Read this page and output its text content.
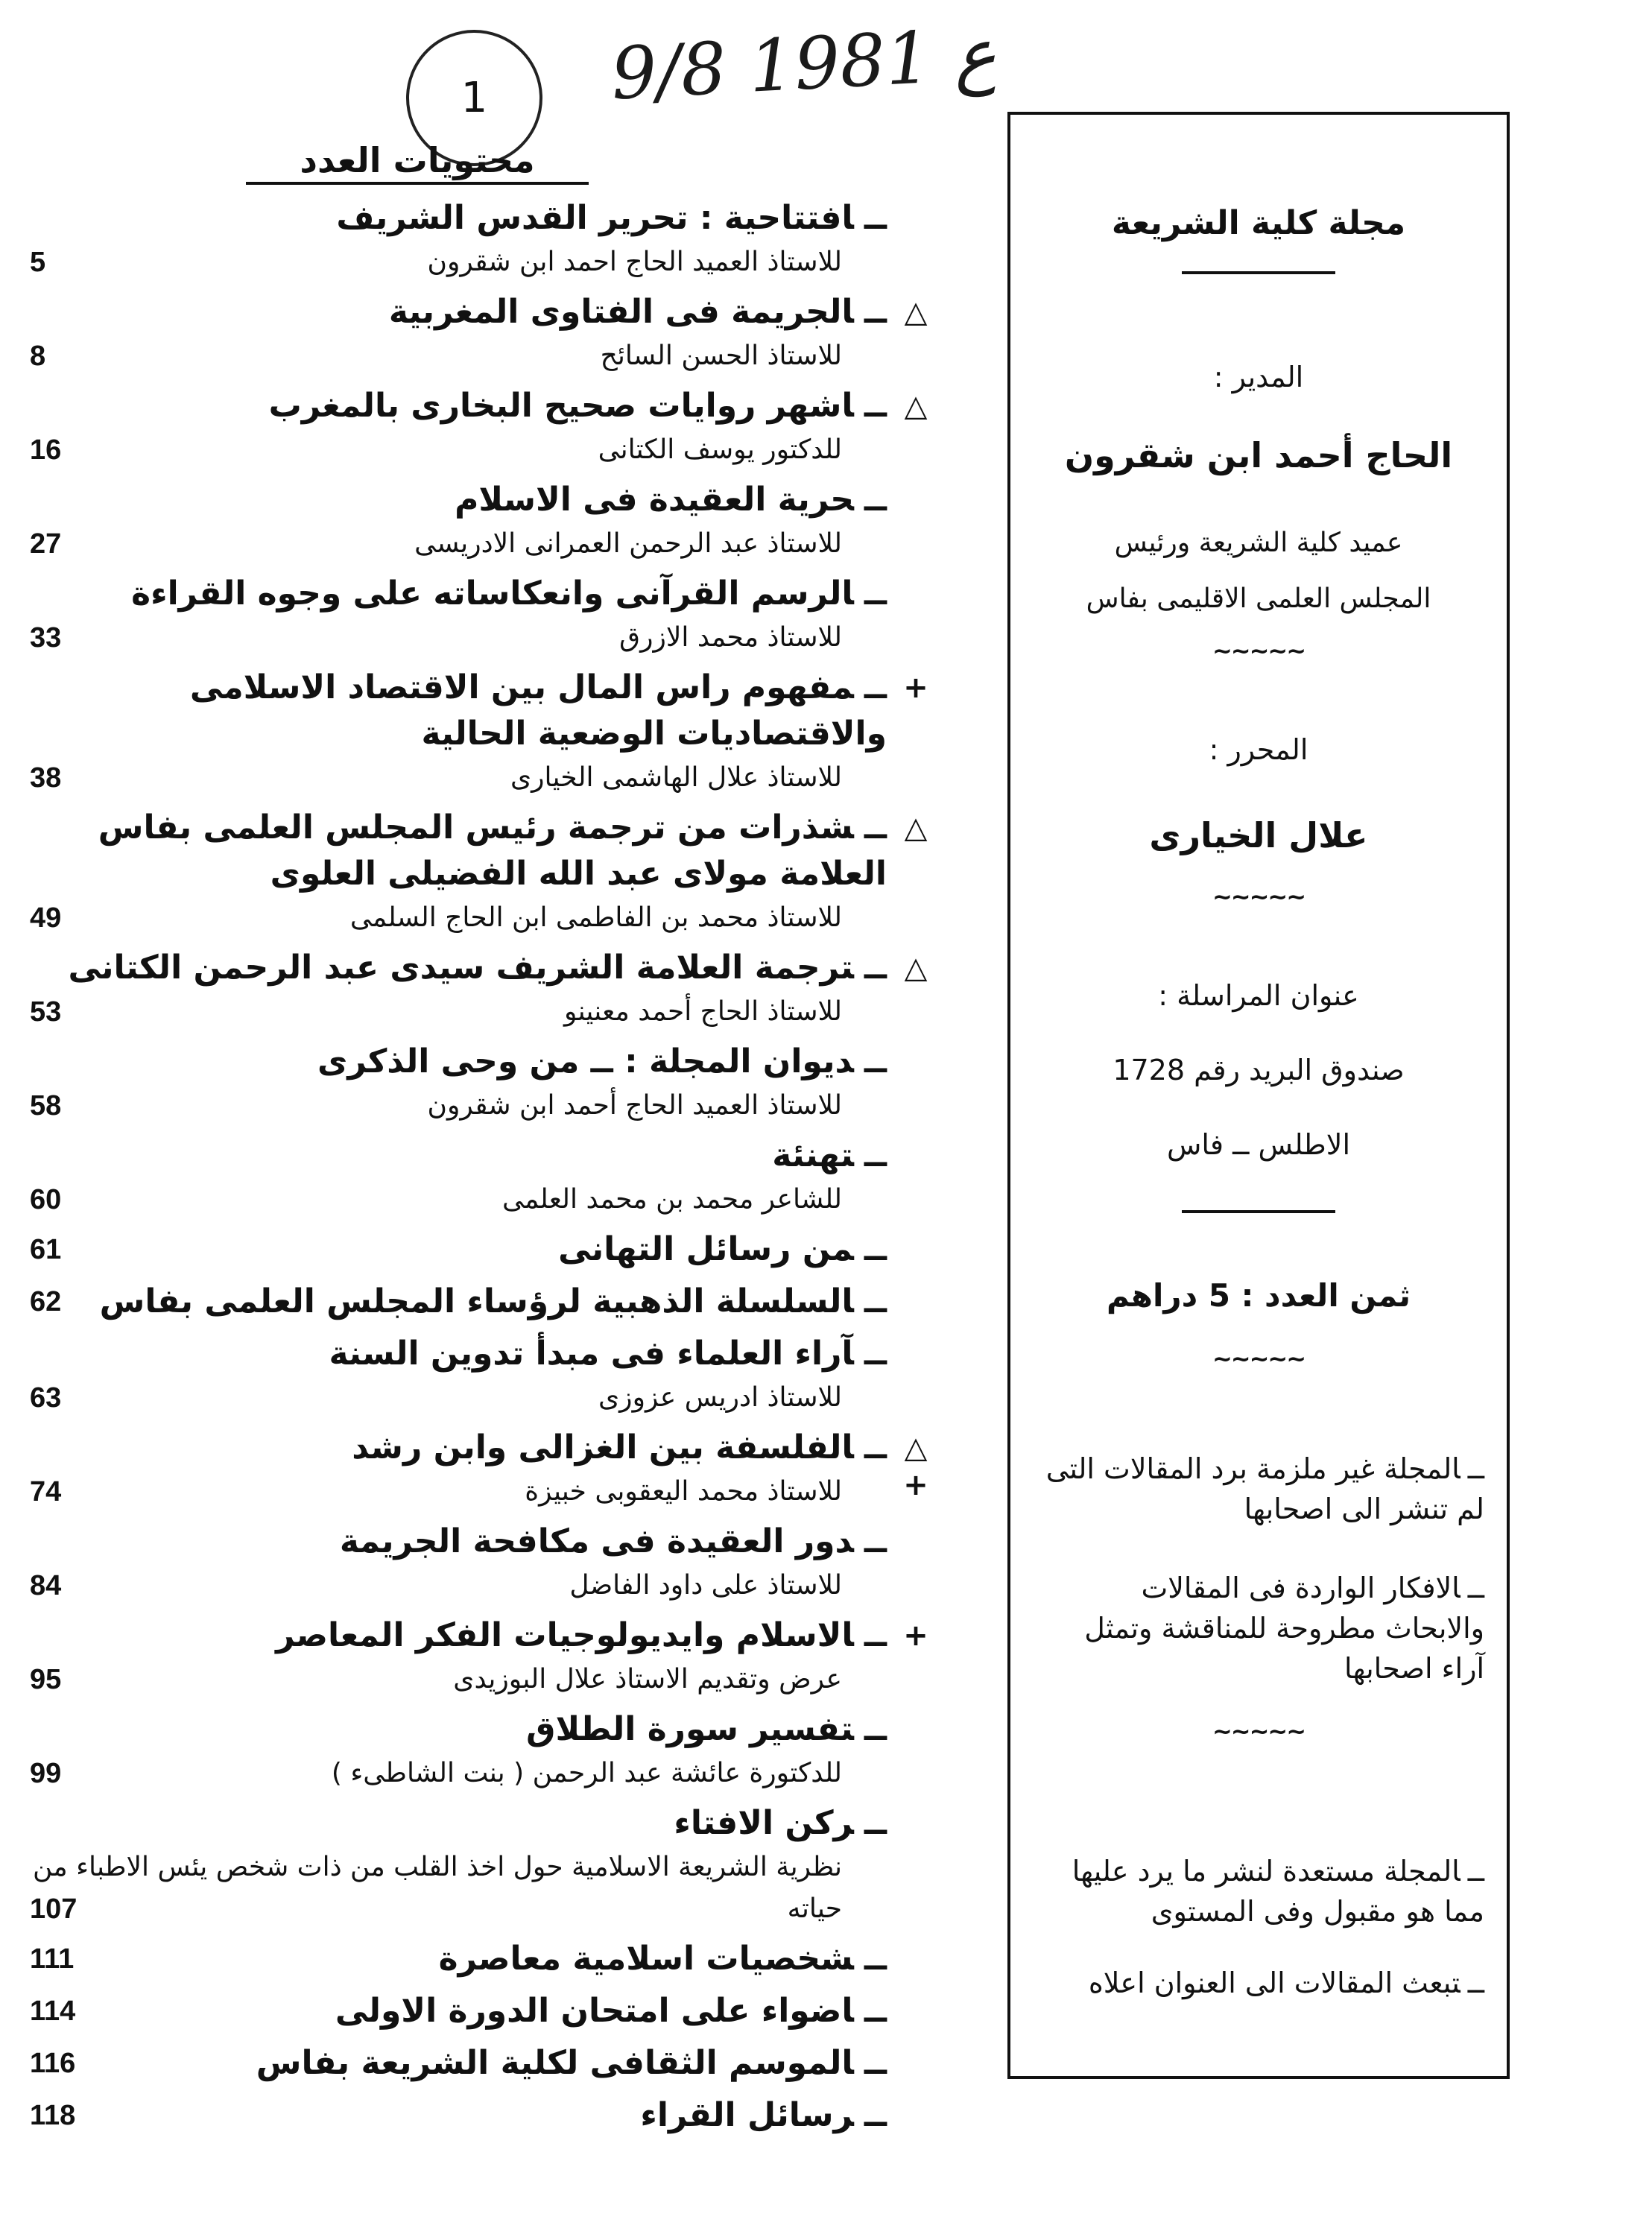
9/8 ع 1981
1
محتويات العدد
ــافتتاحية : تحرير القدس الشريف
للاستاذ العميد الحاج احمد ابن شقرون
5
ــالجريمة فى الفتاوى المغربية △
للاستاذ الحسن السائح
8
ــاشهر روايات صحيح البخارى بالمغرب △
للدكتور يوسف الكتانى
16
ــحرية العقيدة فى الاسلام
للاستاذ عبد الرحمن العمرانى الادريسى
27
ــالرسم القرآنى وانعكاساته على وجوه القراءة
للاستاذ محمد الازرق
33
ــمفهوم راس المال بين الاقتصاد الاسلامى والاقتصاديات الوضعية الحالية
+
للاستاذ علال الهاشمى الخيارى
38
ــشذرات من ترجمة رئيس المجلس العلمى بفاس العلامة مولاى عبد الله الفضيلى العلوى
△
للاستاذ محمد بن الفاطمى ابن الحاج السلمى
49
ــترجمة العلامة الشريف سيدى عبد الرحمن الكتانى △
للاستاذ الحاج أحمد معنينو
53
ــديوان المجلة : ــ من وحى الذكرى
للاستاذ العميد الحاج أحمد ابن شقرون
58
ــتهنئة
للشاعر محمد بن محمد العلمى
60
ــمن رسائل التهانى
61
ــالسلسلة الذهبية لرؤساء المجلس العلمى بفاس
62
ــآراء العلماء فى مبدأ تدوين السنة
للاستاذ ادريس عزوزى
63
ــالفلسفة بين الغزالى وابن رشد △ +
للاستاذ محمد اليعقوبى خبيزة
74
ــدور العقيدة فى مكافحة الجريمة
للاستاذ على داود الفاضل
84
ــالاسلام وايديولوجيات الفكر المعاصر +
عرض وتقديم الاستاذ علال البوزيدى
95
ــتفسير سورة الطلاق
للدكتورة عائشة عبد الرحمن ( بنت الشاطىء )
99
ــركن الافتاء
نظرية الشريعة الاسلامية حول اخذ القلب من ذات شخص يئس الاطباء من حياته
107
ــشخصيات اسلامية معاصرة
111
ــاضواء على امتحان الدورة الاولى
114
ــالموسم الثقافى لكلية الشريعة بفاس
116
ــرسائل القراء
118
مجلة كلية الشريعة
المدير :
الحاج أحمد ابن شقرون
عميد كلية الشريعة ورئيس
المجلس العلمى الاقليمى بفاس
~~~~~
المحرر :
علال الخيارى
~~~~~
عنوان المراسلة :
صندوق البريد رقم 1728
الاطلس ــ فاس
ثمن العدد : 5 دراهم
~~~~~
ــالمجلة غير ملزمة برد المقالات التى لم تنشر الى اصحابها
ــالافكار الواردة فى المقالات والابحاث مطروحة للمناقشة وتمثل آراء اصحابها
~~~~~
ــالمجلة مستعدة لنشر ما يرد عليها مما هو مقبول وفى المستوى
ــتبعث المقالات الى العنوان اعلاه
